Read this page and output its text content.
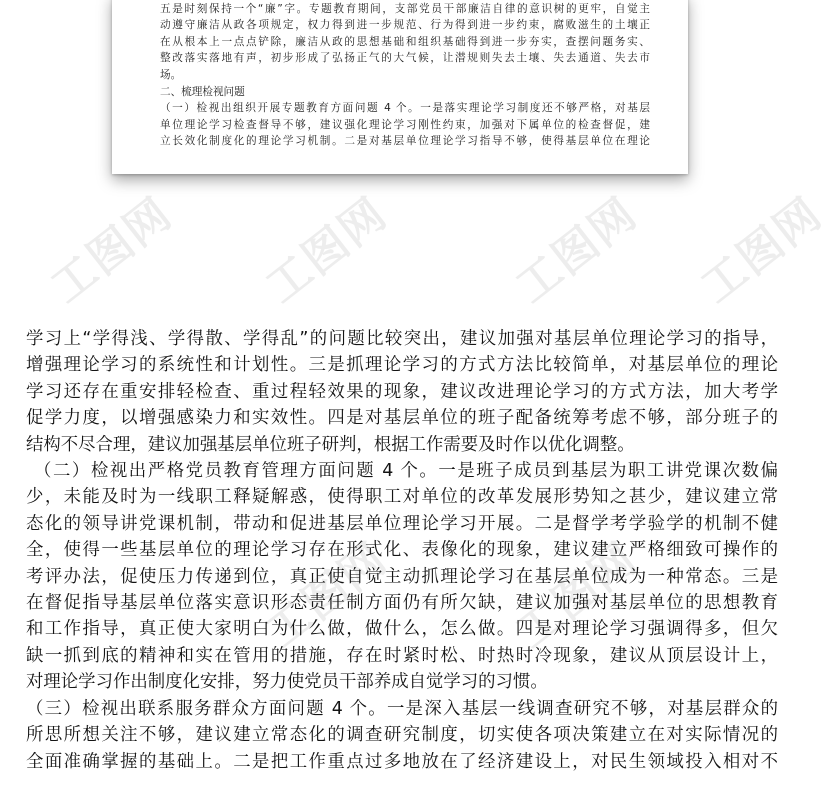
五是时刻保持一个“廉”字。专题教育期间，支部党员干部廉洁自律的意识树的更牢，自觉主
动遵守廉洁从政各项规定，权力得到进一步规范、行为得到进一步约束，腐败滋生的土壤正
在从根本上一点点铲除，廉洁从政的思想基础和组织基础得到进一步夯实，查摆问题务实、
整改落实落地有声，初步形成了弘扬正气的大气候，让潜规则失去土壤、失去通道、失去市
场。
二、梳理检视问题
（一）检视出组织开展专题教育方面问题 4 个。一是落实理论学习制度还不够严格，对基层
单位理论学习检查督导不够，建议强化理论学习刚性约束，加强对下属单位的检查督促，建
立长效化制度化的理论学习机制。二是对基层单位理论学习指导不够，使得基层单位在理论
工图网 工图网
工图网	工图网
工图网 工图网
学习上“学得浅、学得散、学得乱”的问题比较突出，建议加强对基层单位理论学习的指导，
增强理论学习的系统性和计划性。三是抓理论学习的方式方法比较简单，对基层单位的理论
学习还存在重安排轻检查、重过程轻效果的现象，建议改进理论学习的方式方法，加大考学
促学力度，以增强感染力和实效性。四是对基层单位的班子配备统筹考虑不够，部分班子的
结构不尽合理，建议加强基层单位班子研判，根据工作需要及时作以优化调整。
（二）检视出严格党员教育管理方面问题 4 个。一是班子成员到基层为职工讲党课次数偏
少，未能及时为一线职工释疑解惑，使得职工对单位的改革发展形势知之甚少，建议建立常
态化的领导讲党课机制，带动和促进基层单位理论学习开展。二是督学考学验学的机制不健
全，使得一些基层单位的理论学习存在形式化、表像化的现象，建议建立严格细致可操作的
考评办法，促使压力传递到位，真正使自觉主动抓理论学习在基层单位成为一种常态。三是
在督促指导基层单位落实意识形态责任制方面仍有所欠缺，建议加强对基层单位的思想教育
和工作指导，真正使大家明白为什么做，做什么，怎么做。四是对理论学习强调得多，但欠
缺一抓到底的精神和实在管用的措施，存在时紧时松、时热时冷现象，建议从顶层设计上，
对理论学习作出制度化安排，努力使党员干部养成自觉学习的习惯。
（三）检视出联系服务群众方面问题 4 个。一是深入基层一线调查研究不够，对基层群众的
所思所想关注不够，建议建立常态化的调查研究制度，切实使各项决策建立在对实际情况的
全面准确掌握的基础上。二是把工作重点过多地放在了经济建设上，对民生领域投入相对不
